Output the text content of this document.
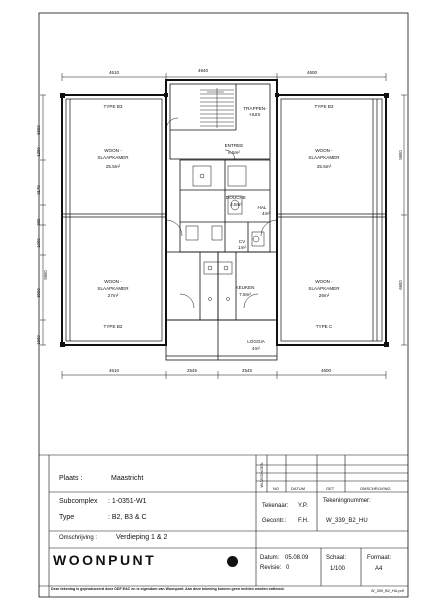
4610	4940	4600
4610	2545	2545	4600
5900
1200
2170
900
1000
5900
3000
1600
5900
6900
TYPE B3	TYPE B3
WOON -
SLAAPKAMER
25.5m²
WOON -
SLAAPKAMER
25.5m²
TRAPPEN-
HUIS
ENTREE
6.5m²
DOUCHE
2.5m²
HAL
4m²
CV
1m²
WOON -
SLAAPKAMER
27m²
WOON -
SLAAPKAMER
28m²
KEUKEN
7.5m²
TYPE B2	TYPE C
LOGGIA
4m²
WIJZIGINGEN
NO	DATUM	GET	OMSCHRIJVING
Plaats :	Maastricht
Subcomplex : 1-0351-W1
Type	: B2, B3 & C
Tekenaar: Y.P.
Gecontr.: F.H.
Tekeningnummer:
W_339_B2_HU
Omschrijving :	Verdieping 1 & 2
WOONPUNT	Datum: 05.08.09
Revisie: 0
Schaal:
1/100
Formaat:
A4
Deze tekening is geproduceerd door ODF E&C en is eigendom van Woonpunt. Aan deze tekening kunnen geen rechten worden ontleend.	W_339_B2_HU.pdf
